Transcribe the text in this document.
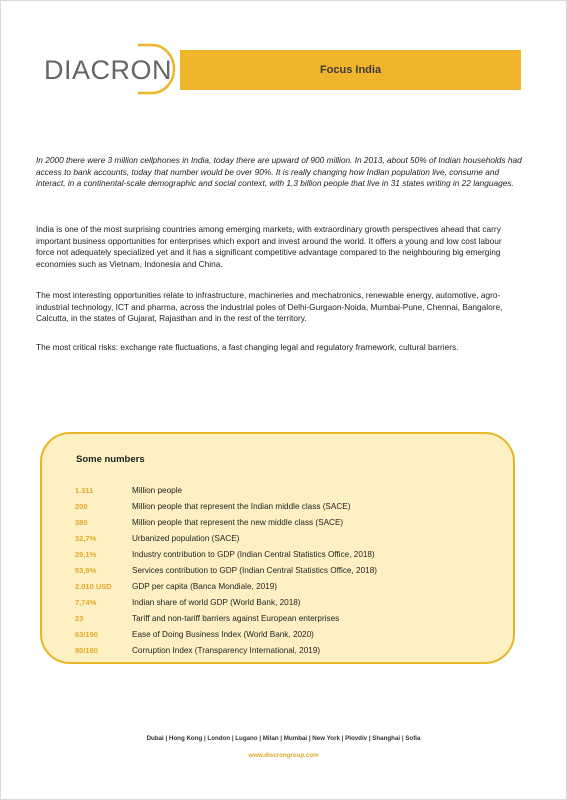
DIACRON	Focus India
In 2000 there were 3 million cellphones in India, today there are upward of 900 million. In 2013, about 50% of Indian households had access to bank accounts, today that number would be over 90%. It is really changing how Indian population live, consume and interact, in a continental-scale demographic and social context, with 1,3 billion people that live in 31 states writing in 22 languages.
India is one of the most surprising countries among emerging markets, with extraordinary growth perspectives ahead that carry important business opportunities for enterprises which export and invest around the world. It offers a young and low cost labour force not adequately specialized yet and it has a significant competitive advantage compared to the neighbouring big emerging economies such as Vietnam, Indonesia and China.
The most interesting opportunities relate to infrastructure, machineries and mechatronics, renewable energy, automotive, agro-industrial technology, ICT and pharma, across the industrial poles of Delhi-Gurgaon-Noida, Mumbai-Pune, Chennai, Bangalore, Calcutta, in the states of Gujarat, Rajasthan and in the rest of the territory.
The most critical risks: exchange rate fluctuations, a fast changing legal and regulatory framework, cultural barriers.
Some numbers
1.311	Million people
200	Million people that represent the Indian middle class (SACE)
380	Million people that represent the new middle class (SACE)
32,7%	Urbanized population (SACE)
29,1%	Industry contribution to GDP (Indian Central Statistics Office, 2018)
53,9%	Services contribution to GDP (Indian Central Statistics Office, 2018)
2.010 USD	GDP per capita (Banca Mondiale, 2019)
7,74%	Indian share of world GDP (World Bank, 2018)
23	Tariff and non-tariff barriers against European enterprises
63/190	Ease of Doing Business Index (World Bank, 2020)
80/180	Corruption Index (Transparency International, 2019)
Dubai | Hong Kong | London | Lugano | Milan | Mumbai | New York | Plovdiv | Shanghai | Sofia
www.discrongroup.com
